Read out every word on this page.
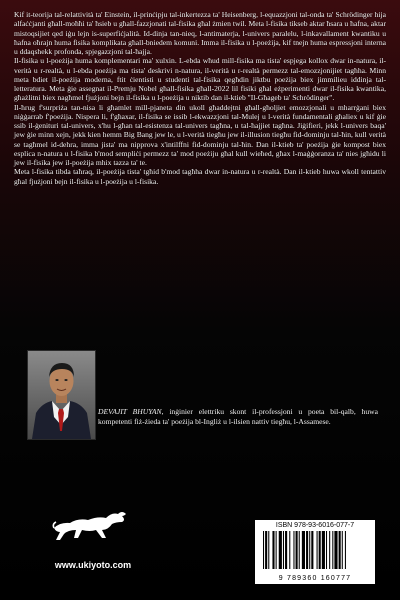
Kif it-teorija tal-relattività ta' Einstein, il-prinċipju tal-inkertezza ta' Heisenberg, l-equazzjoni tal-onda ta' Schrödinger hija alfaċċjanti għall-moħħi ta' ħsieb u għall-fazzjonati tal-fisika għal żmien twil. Meta l-fisika tikseb aktar ħsara u ħafna, aktar mistoqsijiet qed iġu lejn is-superfiċjalità. Id-dinja tan-nieq, l-antimaterja, l-univers paralelu, l-inkavallament kwantiku u ħafna oħrajn huma fisika komplikata għall-bniedem komuni. Imma il-fisika u l-poeżija, kif tnejn huma espressjoni interna u ddaqshekk profonda, spjegazzjoni tal-ħajja.

Il-fisika u l-poeżija huma komplementari ma' xulxin. L-ebda wħud mill-fisika ma tista' espjega kollox dwar in-natura, il-verità u r-realtà, u l-ebda poeżija ma tista' deskrivi n-natura, il-verità u r-realtà permezz tal-emozzjonijiet tagħha. Minn meta bdiet il-poeżija moderna, ftit ċientisti u studenti tal-fisika qegħdin jiktbu poeżija biex jimmilieu iddinja tal-letteratura. Meta ġie assegnat il-Premju Nobel għall-fisika għall-2022 lil fisiki għal eżperimenti dwar il-fisika kwantika, għażlitni biex nagħmel fjużjoni bejn il-fisika u l-poeżija u niktib dan il-ktieb "Il-Għageb ta' Schrödinger".

Il-ħrug f'surpriża tan-nisa li għamlet mill-pjaneta din ukoll għaddejtni għall-għoljiet emozzjonali u mharrġani biex niġġarrab f'poeżija. Nispera li, f'għaxar, il-fisika se issib l-ekwazzjoni tal-Mulej u l-verità fundamentali għaliex u kif ġie ssib il-ġenituri tal-univers, x'hu l-għan tal-esistenza tal-univers tagħna, u tal-ħajjiet tagħna. Jiġifieri, jekk l-univers baqa' jew ġie minn xejn, jekk kien hemm Big Bang jew le, u l-verità tiegħu jew il-illusion tiegħu fid-dominju tal-ħin, kull verità se tagħmel id-dehra, imma jista' ma nipprova x'intilffni fid-dominju tal-ħin. Dan il-ktieb ta' poeżija ġie kompost biex esplica n-natura u l-fisika b'mod sempliċi permezz ta' mod poeżiju għal kull wieħed, għax l-maġġoranza ta' nies jgħidu li jew il-fisika jew il-poeżija mhix tazza ta' te.

Meta l-fisika tibda taħraq, il-poeżija tista' tgħid b'mod tagħha dwar in-natura u r-realtà. Dan il-ktieb huwa wkoll tentattiv għal fjużjoni bejn il-fisika u l-poeżija u l-fisika.

DEVAJIT BHUYAN, inġinier elettriku skont il-professjoni u poeta bil-qalb, huwa kompetenti fiż-żieda ta' poeżija bl-Ingliż u l-ilsien nattiv tiegħu, l-Assamese.
www.ukiyoto.com
ISBN 978-93-6016-077-7
9 789360 160777
